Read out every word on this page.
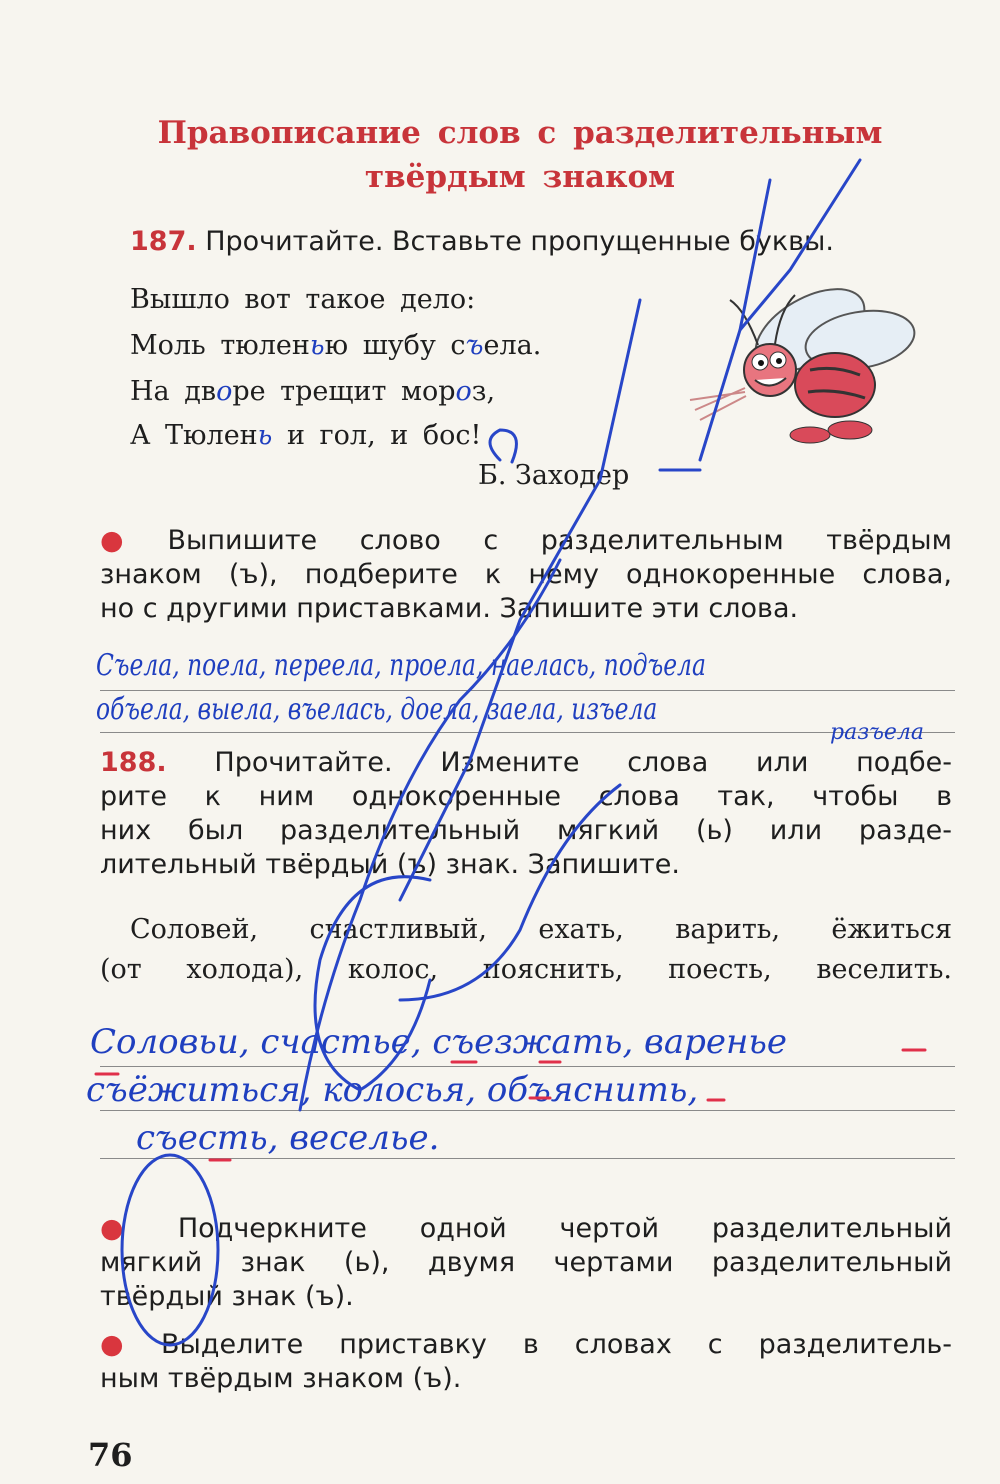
Правописание слов с разделительным
твёрдым знаком
187. Прочитайте. Вставьте пропущенные буквы.
Вышло вот такое дело:
Моль тюленью шубу съела.
На дворе трещит мороз,
А Тюлень и гол, и бос!
Б. Заходер
● Выпишите слово с разделительным твёрдым
знаком (ъ), подберите к нему однокоренные слова,
но с другими приставками. Запишите эти слова.
Съела, поела, переела, проела, наелась, подъела
объела, выела, въелась, доела, заела, изъела
разъела
188. Прочитайте. Измените слова или подбе-
рите к ним однокоренные слова так, чтобы в
них был разделительный мягкий (ь) или разде-
лительный твёрдый (ъ) знак. Запишите.
Соловей, счастливый, ехать, варить, ёжиться
(от холода), колос, пояснить, поесть, веселить.
Соловьи, счастье, съезжать, варенье
съёжиться, колосья, объяснить,
съесть, веселье.
● Подчеркните одной чертой разделительный
мягкий знак (ь), двумя чертами разделительный
твёрдый знак (ъ).
● Выделите приставку в словах с разделитель-
ным твёрдым знаком (ъ).
76
